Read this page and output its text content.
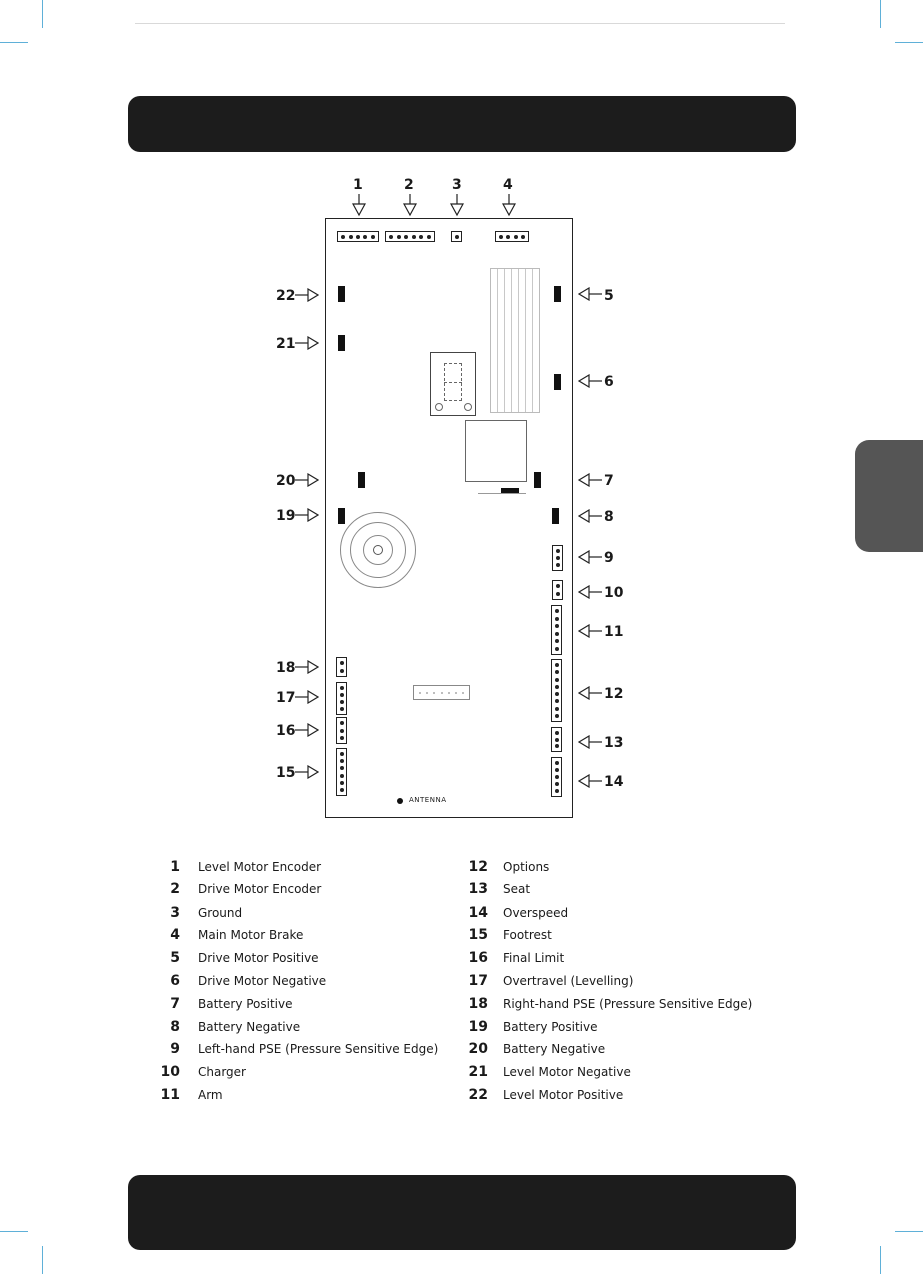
ANTENNA
1	2	3	4
5
6
7
8
9
10
11
12
13
14
22
21
20
19
18
17
16
15
1 Level Motor Encoder
2 Drive Motor Encoder
3 Ground
4 Main Motor Brake
5 Drive Motor Positive
6 Drive Motor Negative
7 Battery Positive
8 Battery Negative
9 Left-hand PSE (Pressure Sensitive Edge)
10 Charger
11 Arm
12 Options
13 Seat
14 Overspeed
15 Footrest
16 Final Limit
17 Overtravel (Levelling)
18 Right-hand PSE (Pressure Sensitive Edge)
19 Battery Positive
20 Battery Negative
21 Level Motor Negative
22 Level Motor Positive
